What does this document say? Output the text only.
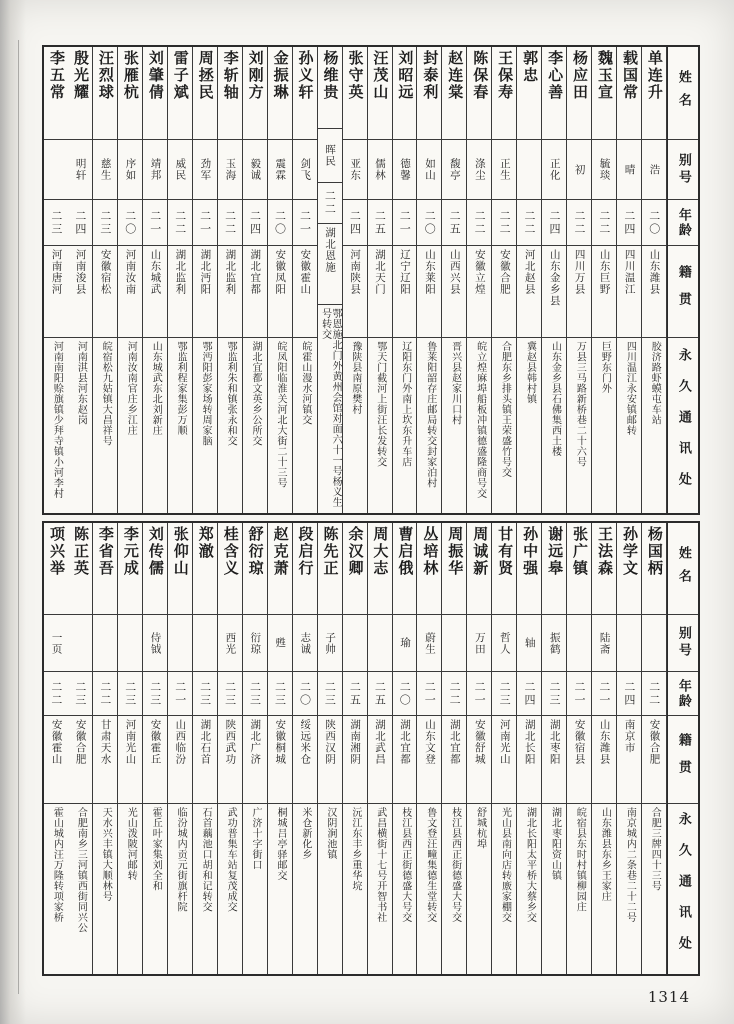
姓名
别号
年龄
籍贯
永久通讯处
单连升
浩
二〇
山东潍县
胶济路虾蟆屯车站
载国常
晴
二四
四川温江
四川温江永安镇邮转
魏玉宣
毓琰
二二
山东巨野
巨野东门外
杨应田
初
二二
四川万县
万县三马路新桥巷二十六号
李心善
正化
二四
山东金乡县
山东金乡县石佛集西土楼
郭忠
二二
河北赵县
冀赵县韩村镇
王保寿
正生
二二
安徽合肥
合肥东乡排头镇王荣盛竹号交
陈保春
涤尘
二二
安徽立煌
皖立煌麻埠船板冲镇德盛隆商号交
赵连棠
馥亭
二五
山西兴县
晋兴县赵家川口村
封泰利
如山
二〇
山东莱阳
鲁莱阳韶存庄邮局转交封家泊村
刘昭远
德馨
二一
辽宁辽阳
辽阳东门外南上坎东升车店
汪茂山
儒林
二五
湖北天门
鄂天门截河上街汪长发转交
张守英
亚东
二四
河南陕县
豫陕县南原樊村
杨维贵
晖民
二二
湖北恩施
鄂恩施北门外黄州会馆对面六十一号杨义生号转交
孙义轩
剑飞
二一
安徽霍山
皖霍山漫水河镇交
金振琳
震霖
二〇
安徽凤阳
皖凤阳临淮关河北大街二十三号
刘刚方
毅诚
二四
湖北宜都
湖北宜都文英乡公所交
李斩轴
玉海
二二
湖北监利
鄂监利朱和镇张永和交
周拯民
劲军
二一
湖北沔阳
鄂沔阳彭家场转周家脑
雷子斌
威民
二二
湖北监利
鄂监利程家集彭万顺
刘肇倩
靖邦
二一
山东城武
山东城武东北刘新庄
张雁杭
序如
二〇
河南汝南
河南汝南官庄乡江庄
汪烈球
慈生
二三
安徽宿松
皖宿松九姑镇大昌祥号
殷光耀
明轩
二四
河南浚县
河南淇县河东赵岗
李五常
二三
河南唐河
河南南阳赊旗镇少拜寺镇小河李村
姓名
别号
年龄
籍贯
永久通讯处
杨国柄
二二
安徽合肥
合肥三牌四十三号
孙学文
二四
南京市
南京城内二条巷二十二号
王法森
陆斋
二一
山东潍县
山东潍县东乡王家庄
张广镇
二一
安徽宿县
皖宿县东时村镇柳园庄
谢远皋
振鹤
二三
湖北枣阳
湖北枣阳资山镇
孙中强
轴
二四
湖北长阳
湖北长阳太平桥大蔡乡交
甘有贤
哲人
二三
河南光山
光山县南向店转廒家棚交
周诚新
万田
二一
安徽舒城
舒城杭埠
周振华
二二
湖北宜都
枝江县西正街德盛大号交
丛培林
蔚生
二一
山东文登
鲁文登汪疃集德生堂转交
曹启俄
瑜
二〇
湖北宜都
枝江县西正街德盛大号交
周大志
二五
湖北武昌
武昌横街十七号开智书社
余汉卿
二五
湖南湘阴
沅江东丰乡重华垸
陈先正
子帅
二三
陕西汉阴
汉阴涧池镇
段启行
志诚
二〇
绥远米仓
米仓新化乡
赵克萧
甦
二三
安徽桐城
桐城吕亭驿邮交
舒衍琼
衍琼
二三
湖北广济
广济十字街口
桂含义
西光
二三
陕西武功
武功普集车站复茂成交
郑澈
二三
湖北石首
石首藕池口胡和记转交
张仰山
二一
山西临汾
临汾城内贡元街旗杆院
刘传儒
侍钺
二三
安徽霍丘
霍丘叶家集刘全和
李元成
二三
河南光山
光山泼陂河邮转
李省吾
二二
甘肃天水
天水兴丰镇大顺林号
陈正英
二三
安徽合肥
合肥南乡三河镇西街同兴公
项兴举
一页
二二
安徽霍山
霍山城内汪万隆转项家桥
1314
